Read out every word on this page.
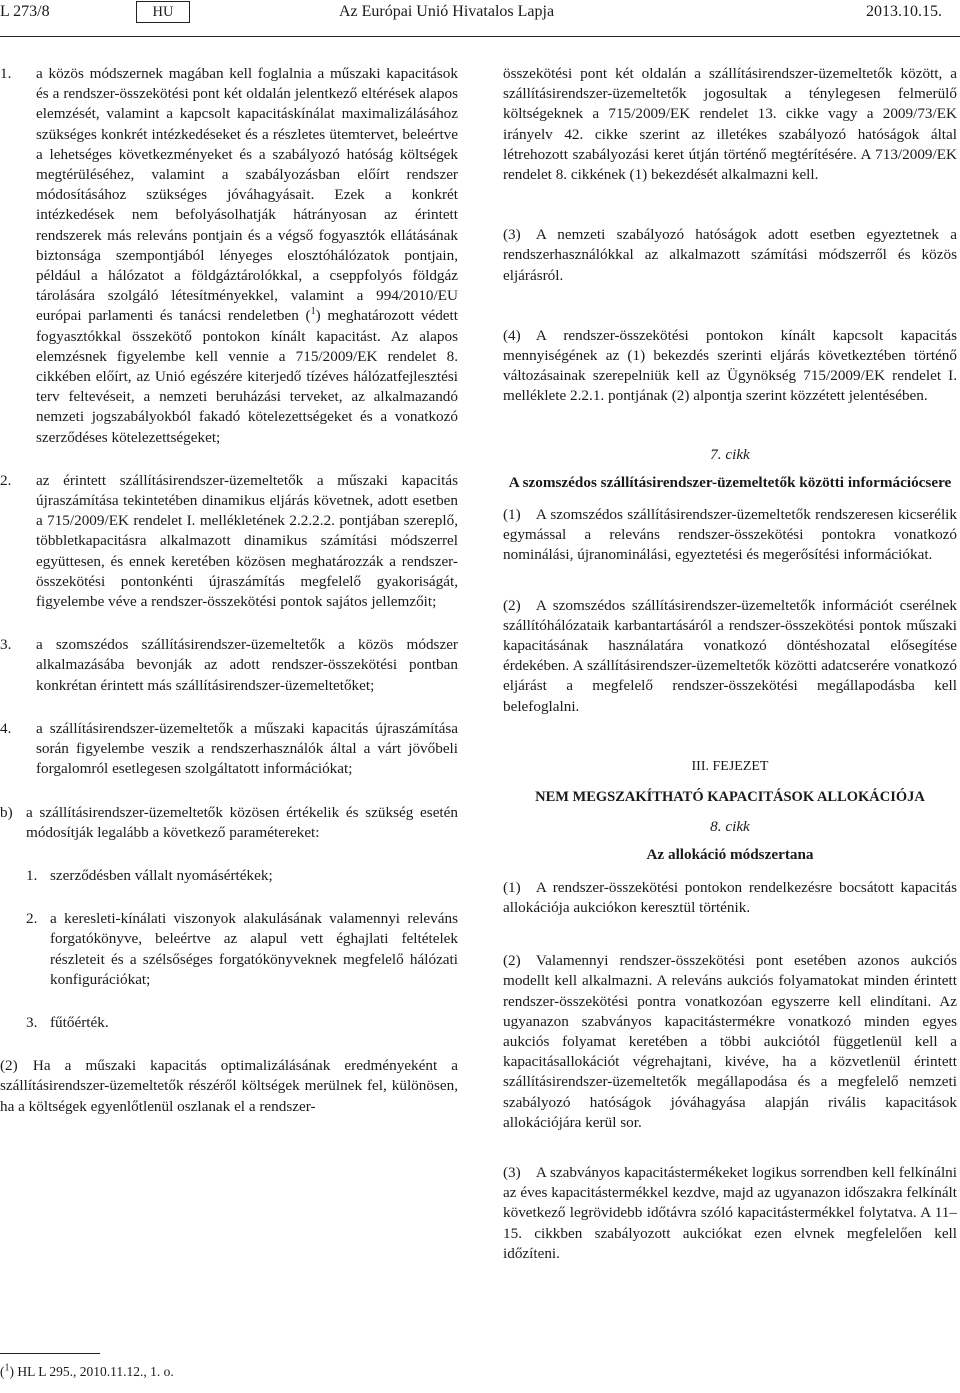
L 273/8	HU	Az Európai Unió Hivatalos Lapja	2013.10.15.
1. a közös módszernek magában kell foglalnia a műszaki kapacitások és a rendszer-összekötési pont két oldalán jelentkező eltérések alapos elemzését, valamint a kapcsolt kapacitáskínálat maximalizálásához szükséges konkrét intézkedéseket és a részletes ütemtervet, beleértve a lehetséges következményeket és a szabályozó hatóság költségek megtérüléséhez, valamint a szabályozásban előírt rendszer módosításához szükséges jóváhagyásait. Ezek a konkrét intézkedések nem befolyásolhatják hátrányosan az érintett rendszerek más releváns pontjain és a végső fogyasztók ellátásának biztonsága szempontjából lényeges elosztóhálózatok pontjain, például a hálózatot a földgáztárolókkal, a cseppfolyós földgáz tárolására szolgáló létesítményekkel, valamint a 994/2010/EU európai parlamenti és tanácsi rendeletben ($^1$) meghatározott védett fogyasztókkal összekötő pontokon kínált kapacitást. Az alapos elemzésnek figyelembe kell vennie a 715/2009/EK rendelet 8. cikkében előírt, az Unió egészére kiterjedő tízéves hálózatfejlesztési terv feltevéseit, a nemzeti beruházási terveket, az alkalmazandó nemzeti jogszabályokból fakadó kötelezettségeket és a vonatkozó szerződéses kötelezettségeket;

2. az érintett szállításirendszer-üzemeltetők a műszaki kapacitás újraszámítása tekintetében dinamikus eljárás követnek, adott esetben a 715/2009/EK rendelet I. mellékletének 2.2.2.2. pontjában szereplő, többletkapacitásra alkalmazott dinamikus számítási módszerrel együttesen, és ennek keretében közösen meghatározzák a rendszer-összekötési pontonkénti újraszámítás megfelelő gyakoriságát, figyelembe véve a rendszer-összekötési pontok sajátos jellemzőit;

3. a szomszédos szállításirendszer-üzemeltetők a közös módszer alkalmazásába bevonják az adott rendszer-összekötési pontban konkrétan érintett más szállításirendszer-üzemeltetőket;

4. a szállításirendszer-üzemeltetők a műszaki kapacitás újraszámítása során figyelembe veszik a rendszerhasználók által a várt jövőbeli forgalomról esetlegesen szolgáltatott információkat;

b) a szállításirendszer-üzemeltetők közösen értékelik és szükség esetén módosítják legalább a következő paramétereket:

1. szerződésben vállalt nyomásértékek;

2. a keresleti-kínálati viszonyok alakulásának valamennyi releváns forgatókönyve, beleértve az alapul vett éghajlati feltételek részleteit és a szélsőséges forgatókönyveknek megfelelő hálózati konfigurációkat;

3. fűtőérték.

(2) Ha a műszaki kapacitás optimalizálásának eredményeként a szállításirendszer-üzemeltetők részéről költségek merülnek fel, különösen, ha a költségek egyenlőtlenül oszlanak el a rendszer-

összekötési pont két oldalán a szállításirendszer-üzemeltetők között, a szállításirendszer-üzemeltetők jogosultak a ténylegesen felmerülő költségeknek a 715/2009/EK rendelet 13. cikke vagy a 2009/73/EK irányelv 42. cikke szerint az illetékes szabályozó hatóságok által létrehozott szabályozási keret útján történő megtérítésére. A 713/2009/EK rendelet 8. cikkének (1) bekezdését alkalmazni kell.

(3) A nemzeti szabályozó hatóságok adott esetben egyeztetnek a rendszerhasználókkal az alkalmazott számítási módszerről és közös eljárásról.

(4) A rendszer-összekötési pontokon kínált kapcsolt kapacitás mennyiségének az (1) bekezdés szerinti eljárás következtében történő változásainak szerepelniük kell az Ügynökség 715/2009/EK rendelet I. melléklete 2.2.1. pontjának (2) alpontja szerint közzétett jelentésében.

7. cikk

A szomszédos szállításirendszer-üzemeltetők közötti információcsere

(1) A szomszédos szállításirendszer-üzemeltetők rendszeresen kicserélik egymással a releváns rendszer-összekötési pontokra vonatkozó nominálási, újranominálási, egyeztetési és megerősítési információkat.

(2) A szomszédos szállításirendszer-üzemeltetők információt cserélnek szállítóhálózataik karbantartásáról a rendszer-összekötési pontok műszaki kapacitásának használatára vonatkozó döntéshozatal elősegítése érdekében. A szállításirendszer-üzemeltetők közötti adatcserére vonatkozó eljárást a megfelelő rendszer-összekötési megállapodásba kell belefoglalni.

III. FEJEZET

NEM MEGSZAKÍTHATÓ KAPACITÁSOK ALLOKÁCIÓJA

8. cikk

Az allokáció módszertana

(1) A rendszer-összekötési pontokon rendelkezésre bocsátott kapacitás allokációja aukciókon keresztül történik.

(2) Valamennyi rendszer-összekötési pont esetében azonos aukciós modellt kell alkalmazni. A releváns aukciós folyamatokat minden érintett rendszer-összekötési pontra vonatkozóan egyszerre kell elindítani. Az ugyanazon szabványos kapacitástermékre vonatkozó minden egyes aukciós folyamat keretében a többi aukciótól függetlenül kell a kapacitásallokációt végrehajtani, kivéve, ha a közvetlenül érintett szállításirendszer-üzemeltetők megállapodása és a megfelelő nemzeti szabályozó hatóságok jóváhagyása alapján rivális kapacitások allokációjára kerül sor.

(3) A szabványos kapacitástermékeket logikus sorrendben kell felkínálni az éves kapacitástermékkel kezdve, majd az ugyanazon időszakra felkínált következő legrövidebb időtávra szóló kapacitástermékkel folytatva. A 11–15. cikkben szabályozott aukciókat ezen elvnek megfelelően kell időzíteni.

($^1$) HL L 295., 2010.11.12., 1. o.
